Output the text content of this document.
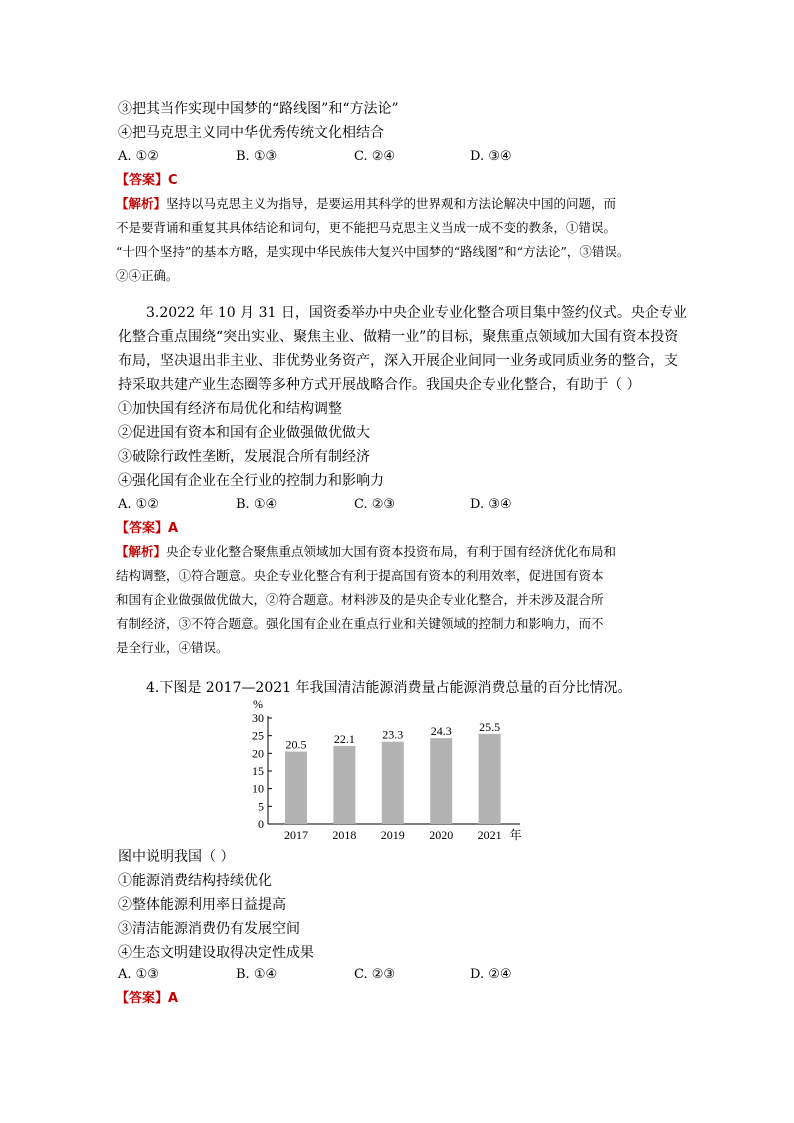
③把其当作实现中国梦的“路线图”和“方法论”
④把马克思主义同中华优秀传统文化相结合
A. ①②	B. ①③	C. ②④	D. ③④
【答案】C
【解析】坚持以马克思主义为指导，是要运用其科学的世界观和方法论解决中国的问题，而
不是要背诵和重复其具体结论和词句，更不能把马克思主义当成一成不变的教条，①错误。
“十四个坚持”的基本方略，是实现中华民族伟大复兴中国梦的“路线图”和“方法论”，③错误。
②④正确。
3.2022 年 10 月 31 日，国资委举办中央企业专业化整合项目集中签约仪式。央企专业
化整合重点围绕“突出实业、聚焦主业、做精一业”的目标，聚焦重点领域加大国有资本投资
布局，坚决退出非主业、非优势业务资产，深入开展企业间同一业务或同质业务的整合，支
持采取共建产业生态圈等多种方式开展战略合作。我国央企专业化整合，有助于（ ）
①加快国有经济布局优化和结构调整
②促进国有资本和国有企业做强做优做大
③破除行政性垄断，发展混合所有制经济
④强化国有企业在全行业的控制力和影响力
A. ①②	B. ①④	C. ②③	D. ③④
【答案】A
【解析】央企专业化整合聚焦重点领域加大国有资本投资布局，有利于国有经济优化布局和
结构调整，①符合题意。央企专业化整合有利于提高国有资本的利用效率，促进国有资本
和国有企业做强做优做大，②符合题意。材料涉及的是央企专业化整合，并未涉及混合所
有制经济，③不符合题意。强化国有企业在重点行业和关键领域的控制力和影响力，而不
是全行业，④错误。
4.下图是 2017—2021 年我国清洁能源消费量占能源消费总量的百分比情况。
0
5
10
15
20
25
30
%
20.5
2017
22.1
2018
23.3
2019
24.3
2020
25.5
2021 年
图中说明我国（ ）
①能源消费结构持续优化
②整体能源利用率日益提高
③清洁能源消费仍有发展空间
④生态文明建设取得决定性成果
A. ①③	B. ①④	C. ②③	D. ②④
【答案】A
